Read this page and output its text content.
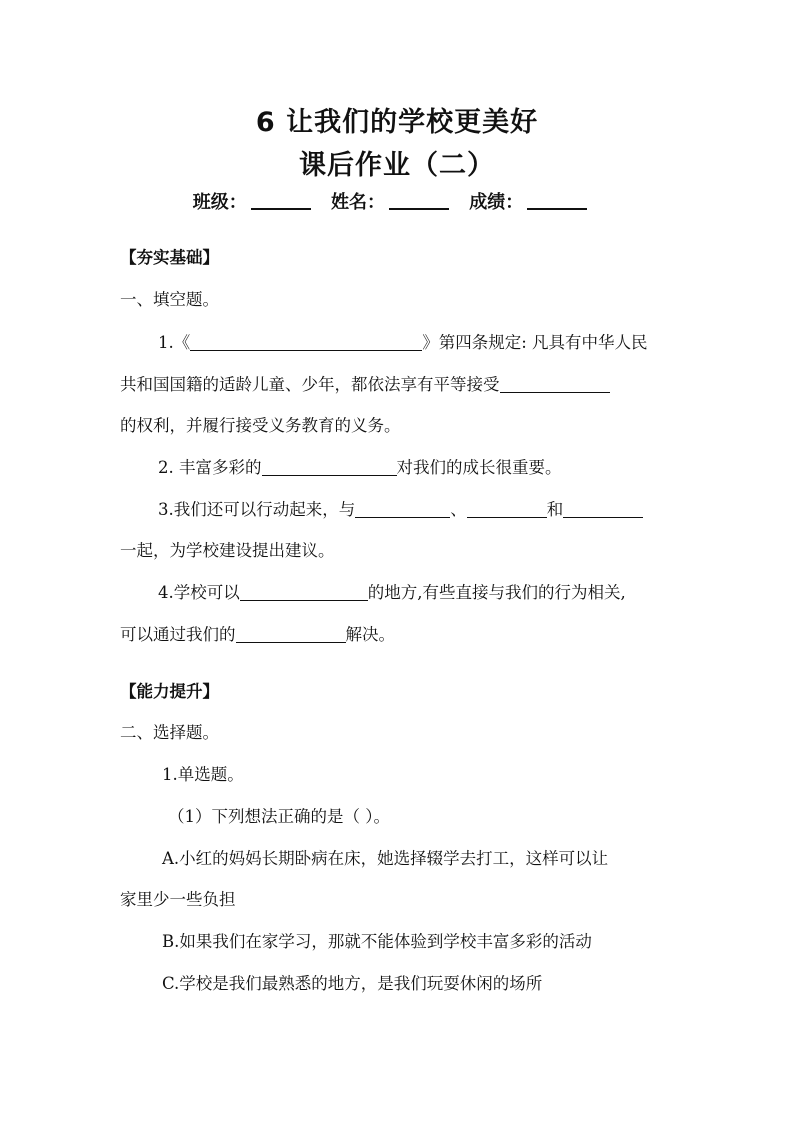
6 让我们的学校更美好
课后作业（二）
班级：	姓名：	成绩：
【夯实基础】
一、填空题。
1.《	》第四条规定: 凡具有中华人民
共和国国籍的适龄儿童、少年，都依法享有平等接受
的权利，并履行接受义务教育的义务。
2. 丰富多彩的	对我们的成长很重要。
3.我们还可以行动起来，与	、	和
一起，为学校建设提出建议。
4.学校可以	的地方,有些直接与我们的行为相关,
可以通过我们的	解决。
【能力提升】
二、选择题。
1.单选题。
（1）下列想法正确的是（ ）。
A.小红的妈妈长期卧病在床，她选择辍学去打工，这样可以让
家里少一些负担
B.如果我们在家学习，那就不能体验到学校丰富多彩的活动
C.学校是我们最熟悉的地方，是我们玩耍休闲的场所
